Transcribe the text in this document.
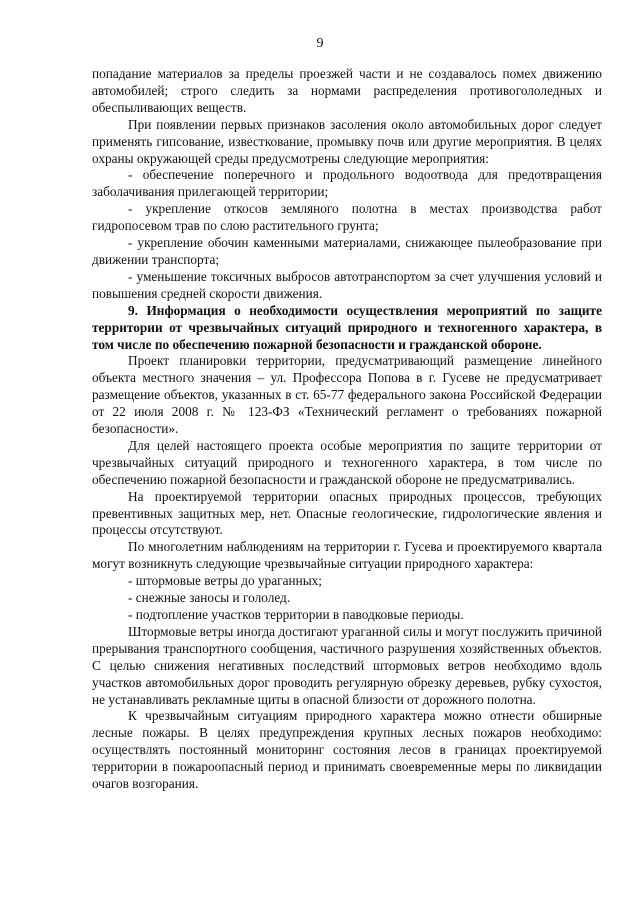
9

попадание материалов за пределы проезжей части и не создавалось помех движению автомобилей; строго следить за нормами распределения противогололедных и обеспыливающих веществ.

При появлении первых признаков засоления около автомобильных дорог следует применять гипсование, известкование, промывку почв или другие мероприятия. В целях охраны окружающей среды предусмотрены следующие мероприятия:

- обеспечение поперечного и продольного водоотвода для предотвращения заболачивания прилегающей территории;

- укрепление откосов земляного полотна в местах производства работ гидропосевом трав по слою растительного грунта;

- укрепление обочин каменными материалами, снижающее пылеобразование при движении транспорта;

- уменьшение токсичных выбросов автотранспортом за счет улучшения условий и повышения средней скорости движения.

9. Информация о необходимости осуществления мероприятий по защите территории от чрезвычайных ситуаций природного и техногенного характера, в том числе по обеспечению пожарной безопасности и гражданской обороне.

Проект планировки территории, предусматривающий размещение линейного объекта местного значения – ул. Профессора Попова в г. Гусеве не предусматривает размещение объектов, указанных в ст. 65-77 федерального закона Российской Федерации от 22 июля 2008 г. № 123-ФЗ «Технический регламент о требованиях пожарной безопасности».

Для целей настоящего проекта особые мероприятия по защите территории от чрезвычайных ситуаций природного и техногенного характера, в том числе по обеспечению пожарной безопасности и гражданской обороне не предусматривались.

На проектируемой территории опасных природных процессов, требующих превентивных защитных мер, нет. Опасные геологические, гидрологические явления и процессы отсутствуют.

По многолетним наблюдениям на территории г. Гусева и проектируемого квартала могут возникнуть следующие чрезвычайные ситуации природного характера:

- штормовые ветры до ураганных;

- снежные заносы и гололед.

- подтопление участков территории в паводковые периоды.

Штормовые ветры иногда достигают ураганной силы и могут послужить причиной прерывания транспортного сообщения, частичного разрушения хозяйственных объектов. С целью снижения негативных последствий штормовых ветров необходимо вдоль участков автомобильных дорог проводить регулярную обрезку деревьев, рубку сухостоя, не устанавливать рекламные щиты в опасной близости от дорожного полотна.

К чрезвычайным ситуациям природного характера можно отнести обширные лесные пожары. В целях предупреждения крупных лесных пожаров необходимо: осуществлять постоянный мониторинг состояния лесов в границах проектируемой территории в пожароопасный период и принимать своевременные меры по ликвидации очагов возгорания.
